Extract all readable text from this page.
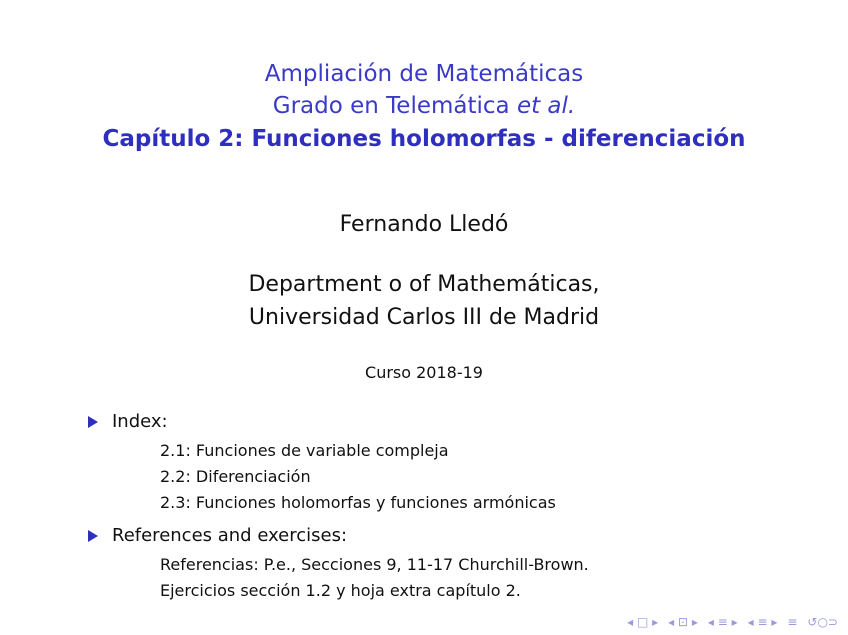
Ampliación de Matemáticas
Grado en Telemática et al.
Capítulo 2: Funciones holomorfas - diferenciación
Fernando Lledó
Department o of Mathemáticas,
Universidad Carlos III de Madrid
Curso 2018-19
Index:
2.1: Funciones de variable compleja
2.2: Diferenciación
2.3: Funciones holomorfas y funciones armónicas
References and exercises:
Referencias: P.e., Secciones 9, 11-17 Churchill-Brown.
Ejercicios sección 1.2 y hoja extra capítulo 2.
◂ □ ▸ ◂ ⊡ ▸ ◂ ≡ ▸ ◂ ≡ ▸ ≡ ↺○⊃
